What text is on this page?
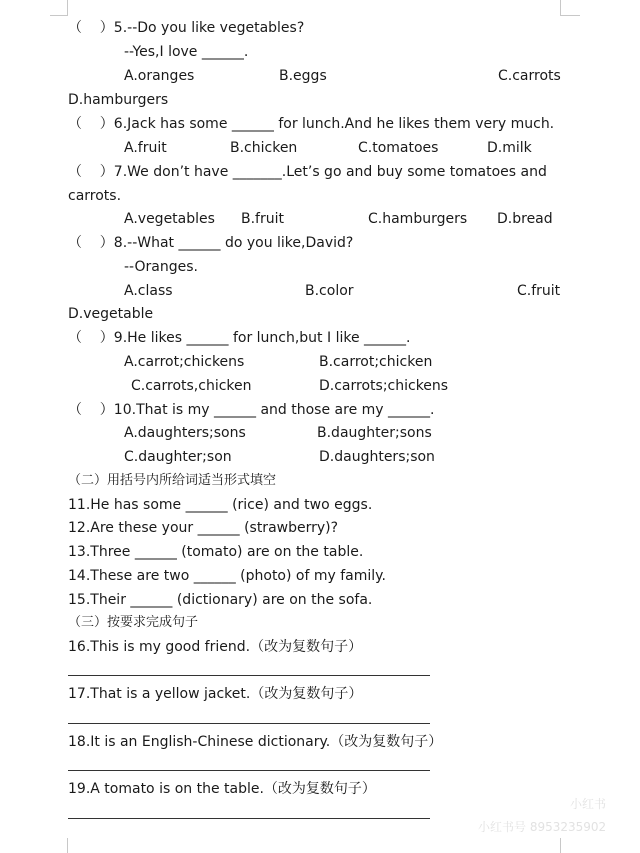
（    ）5.--Do you like vegetables?
--Yes,I love ______.
A.oranges	B.eggs	C.carrots
D.hamburgers
（    ）6.Jack has some ______ for lunch.And he likes them very much.
A.fruit	B.chicken	C.tomatoes	D.milk
（    ）7.We don’t have _______.Let’s go and buy some tomatoes and
carrots.
A.vegetables B.fruit	C.hamburgers D.bread
（    ）8.--What ______ do you like,David?
--Oranges.
A.class	B.color	C.fruit
D.vegetable
（    ）9.He likes ______ for lunch,but I like ______.
A.carrot;chickens	B.carrot;chicken
C.carrots,chicken	D.carrots;chickens
（    ）10.That is my ______ and those are my ______.
A.daughters;sons	B.daughter;sons
C.daughter;son	D.daughters;son
（二）用括号内所给词适当形式填空
11.He has some ______ (rice) and two eggs.
12.Are these your ______ (strawberry)?
13.Three ______ (tomato) are on the table.
14.These are two ______ (photo) of my family.
15.Their ______ (dictionary) are on the sofa.
（三）按要求完成句子
16.This is my good friend.（改为复数句子）
17.That is a yellow jacket.（改为复数句子）
18.It is an English-Chinese dictionary.（改为复数句子）
19.A tomato is on the table.（改为复数句子）
小红书
小红书号 8953235902
